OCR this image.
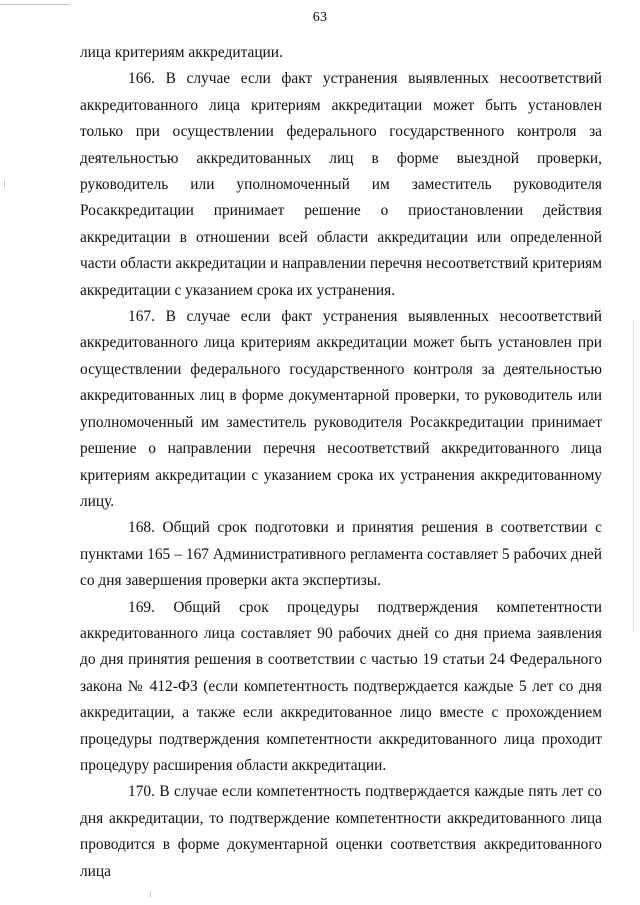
63

лица критериям аккредитации.

166. В случае если факт устранения выявленных несоответствий аккредитованного лица критериям аккредитации может быть установлен только при осуществлении федерального государственного контроля за деятельностью аккредитованных лиц в форме выездной проверки, руководитель или уполномоченный им заместитель руководителя Росаккредитации принимает решение о приостановлении действия аккредитации в отношении всей области аккредитации или определенной части области аккредитации и направлении перечня несоответствий критериям аккредитации с указанием срока их устранения.

167. В случае если факт устранения выявленных несоответствий аккредитованного лица критериям аккредитации может быть установлен при осуществлении федерального государственного контроля за деятельностью аккредитованных лиц в форме документарной проверки, то руководитель или уполномоченный им заместитель руководителя Росаккредитации принимает решение о направлении перечня несоответствий аккредитованного лица критериям аккредитации с указанием срока их устранения аккредитованному лицу.

168. Общий срок подготовки и принятия решения в соответствии с пунктами 165 – 167 Административного регламента составляет 5 рабочих дней со дня завершения проверки акта экспертизы.

169. Общий срок процедуры подтверждения компетентности аккредитованного лица составляет 90 рабочих дней со дня приема заявления до дня принятия решения в соответствии с частью 19 статьи 24 Федерального закона № 412-ФЗ (если компетентность подтверждается каждые 5 лет со дня аккредитации, а также если аккредитованное лицо вместе с прохождением процедуры подтверждения компетентности аккредитованного лица проходит процедуру расширения области аккредитации.

170. В случае если компетентность подтверждается каждые пять лет со дня аккредитации, то подтверждение компетентности аккредитованного лица проводится в форме документарной оценки соответствия аккредитованного лица
